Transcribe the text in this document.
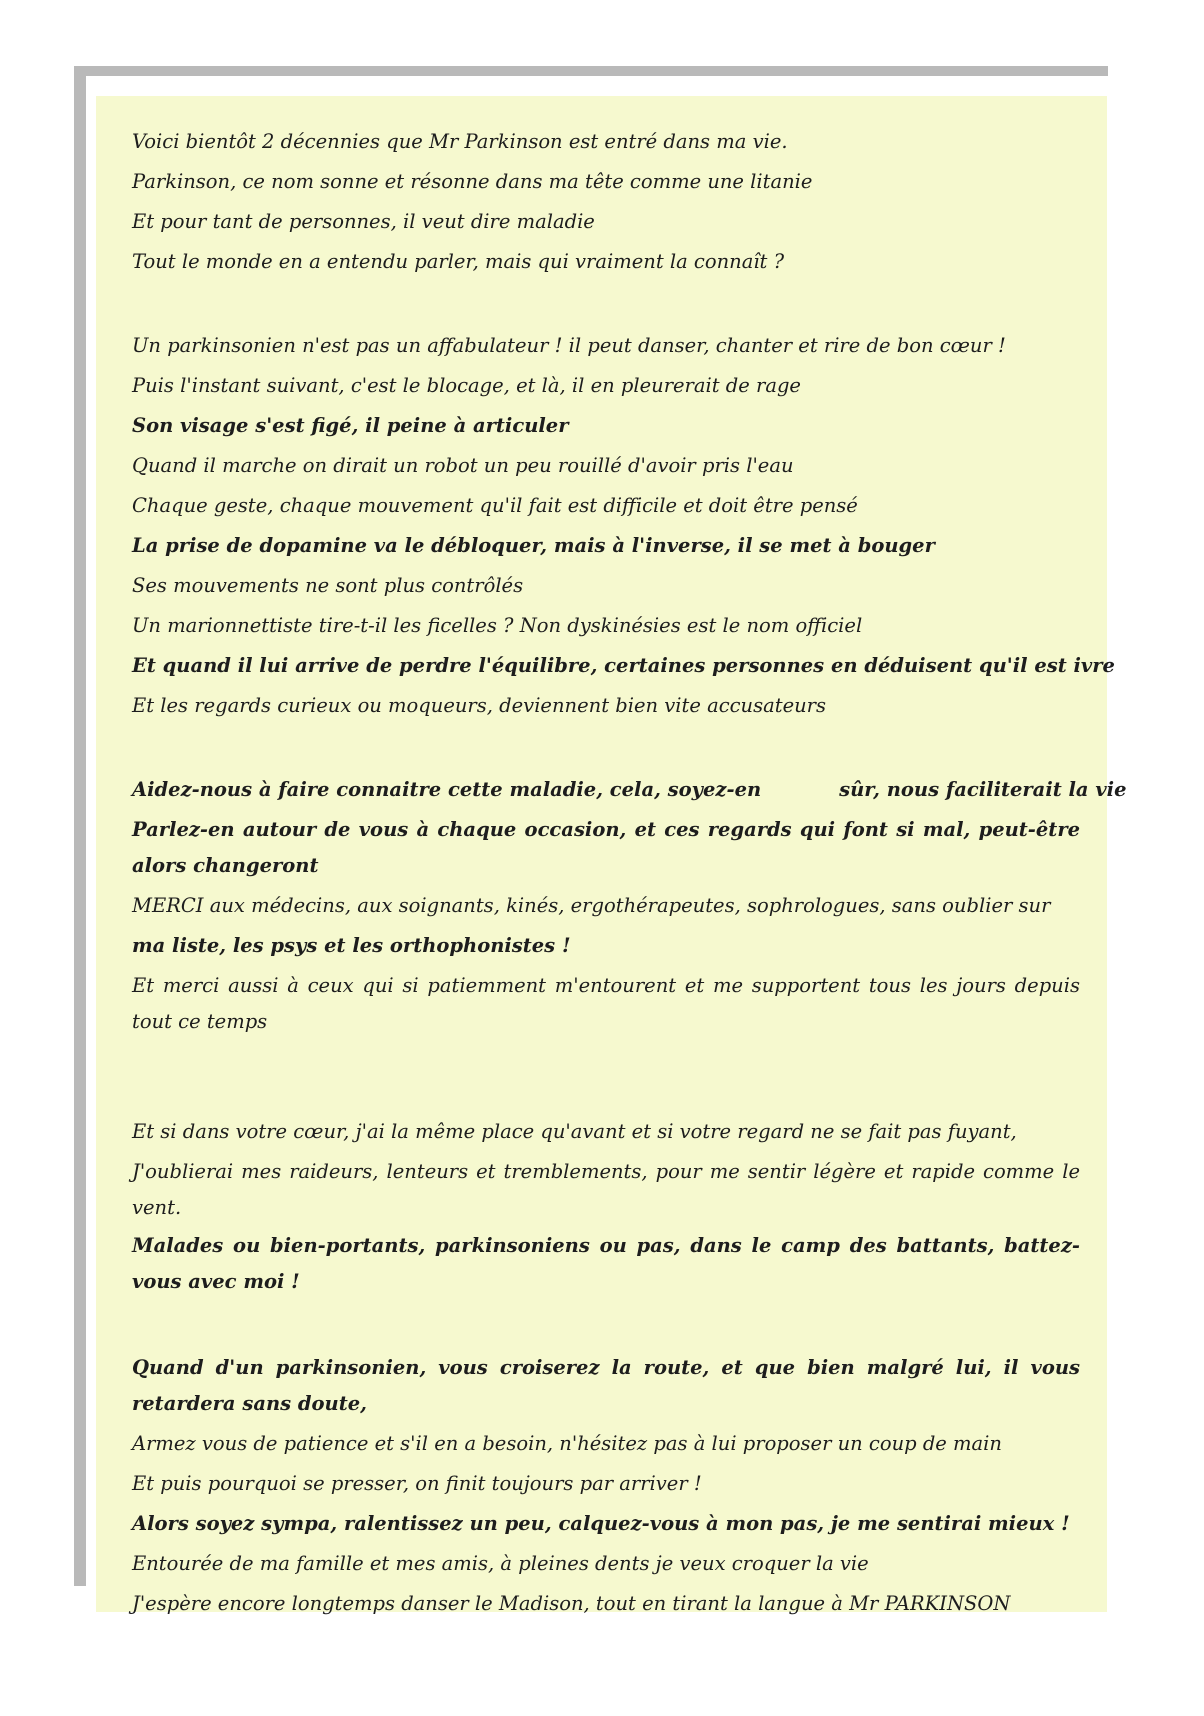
Voici bientôt 2 décennies que Mr Parkinson est entré dans ma vie.
Parkinson, ce nom sonne et résonne dans ma tête comme une litanie
Et pour tant de personnes, il veut dire maladie
Tout le monde en a entendu parler, mais qui vraiment la connaît ?
Un parkinsonien n'est pas un affabulateur ! il peut danser, chanter et rire de bon cœur !
Puis l'instant suivant, c'est le blocage, et là, il en pleurerait de rage
Son visage s'est figé, il peine à articuler
Quand il marche on dirait un robot un peu rouillé d'avoir pris l'eau
Chaque geste, chaque mouvement qu'il fait est difficile et doit être pensé
La prise de dopamine va le débloquer, mais à l'inverse, il se met à bouger
Ses mouvements ne sont plus contrôlés
Un marionnettiste tire-t-il les ficelles ? Non dyskinésies est le nom officiel
Et quand il lui arrive de perdre l'équilibre, certaines personnes en déduisent qu'il est ivre
Et les regards curieux ou moqueurs, deviennent bien vite accusateurs
Aidez-nous à faire connaitre cette maladie, cela, soyez-en	sûr, nous faciliterait la vie
Parlez-en autour de vous à chaque occasion, et ces regards qui font si mal, peut-être alors changeront
MERCI aux médecins, aux soignants, kinés, ergothérapeutes, sophrologues, sans oublier sur
ma liste, les psys et les orthophonistes !
Et merci aussi à ceux qui si patiemment m'entourent et me supportent tous les jours depuis tout ce temps
Et si dans votre cœur, j'ai la même place qu'avant et si votre regard ne se fait pas fuyant,
J'oublierai mes raideurs, lenteurs et tremblements, pour me sentir légère et rapide comme le vent.
Malades ou bien-portants, parkinsoniens ou pas, dans le camp des battants, battez-vous avec moi !
Quand d'un parkinsonien, vous croiserez la route, et que bien malgré lui, il vous retardera sans doute,
Armez vous de patience et s'il en a besoin, n'hésitez pas à lui proposer un coup de main
Et puis pourquoi se presser, on finit toujours par arriver !
Alors soyez sympa, ralentissez un peu, calquez-vous à mon pas, je me sentirai mieux !
Entourée de ma famille et mes amis, à pleines dents je veux croquer la vie
J'espère encore longtemps danser le Madison, tout en tirant la langue à Mr PARKINSON
